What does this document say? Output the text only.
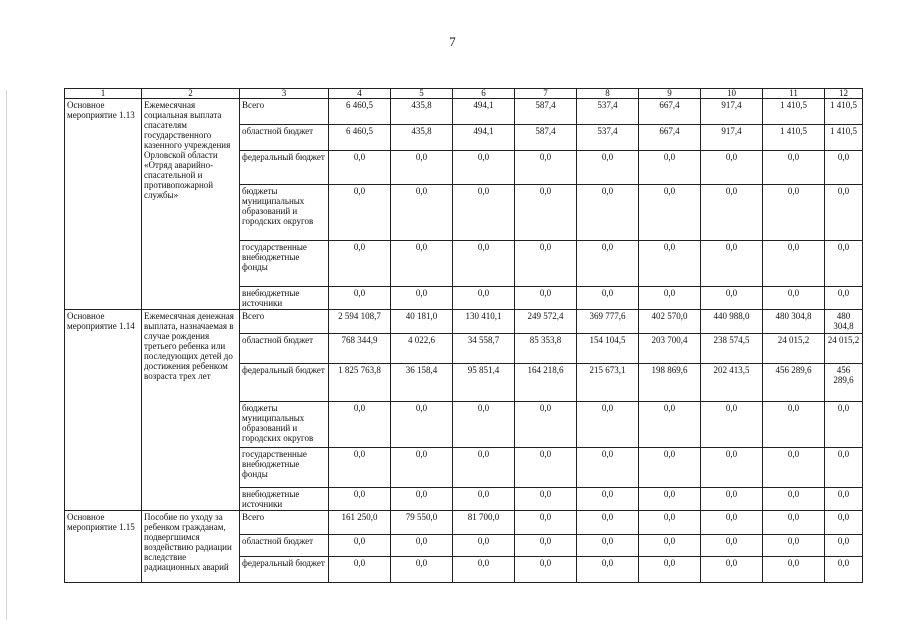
7
1	2	3	4	5	6	7	8	9	10	11	12
Основное мероприятие 1.13	Ежемесячная социальная выплата спасателям государственного казенного учреждения Орловской области «Отряд аварийно-спасательной и противопожарной службы»	Всего	6 460,5	435,8	494,1	587,4	537,4	667,4	917,4	1 410,5	1 410,5
		областной бюджет	6 460,5	435,8	494,1	587,4	537,4	667,4	917,4	1 410,5	1 410,5
		федеральный бюджет	0,0	0,0	0,0	0,0	0,0	0,0	0,0	0,0	0,0
		бюджеты муниципальных образований и городских округов	0,0	0,0	0,0	0,0	0,0	0,0	0,0	0,0	0,0
		государственные внебюджетные фонды	0,0	0,0	0,0	0,0	0,0	0,0	0,0	0,0	0,0
		внебюджетные источники	0,0	0,0	0,0	0,0	0,0	0,0	0,0	0,0	0,0
Основное мероприятие 1.14	Ежемесячная денежная выплата, назначаемая в случае рождения третьего ребенка или последующих детей до достижения ребенком возраста трех лет	Всего	2 594 108,7	40 181,0	130 410,1	249 572,4	369 777,6	402 570,0	440 988,0	480 304,8	480 304,8
		областной бюджет	768 344,9	4 022,6	34 558,7	85 353,8	154 104,5	203 700,4	238 574,5	24 015,2	24 015,2
		федеральный бюджет	1 825 763,8	36 158,4	95 851,4	164 218,6	215 673,1	198 869,6	202 413,5	456 289,6	456 289,6
		бюджеты муниципальных образований и городских округов	0,0	0,0	0,0	0,0	0,0	0,0	0,0	0,0	0,0
		государственные внебюджетные фонды	0,0	0,0	0,0	0,0	0,0	0,0	0,0	0,0	0,0
		внебюджетные источники	0,0	0,0	0,0	0,0	0,0	0,0	0,0	0,0	0,0
Основное мероприятие 1.15	Пособие по уходу за ребенком гражданам, подвергшимся воздействию радиации вследствие радиационных аварий	Всего	161 250,0	79 550,0	81 700,0	0,0	0,0	0,0	0,0	0,0	0,0
		областной бюджет	0,0	0,0	0,0	0,0	0,0	0,0	0,0	0,0	0,0
		федеральный бюджет	0,0	0,0	0,0	0,0	0,0	0,0	0,0	0,0	0,0
